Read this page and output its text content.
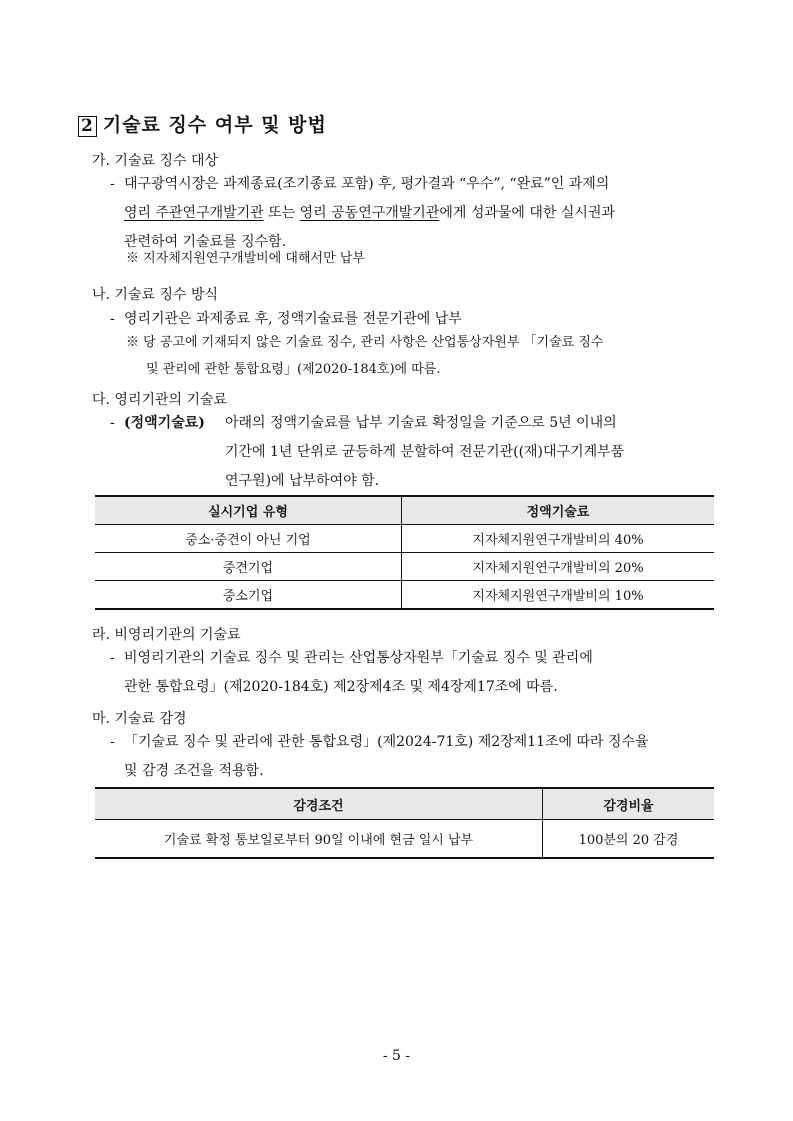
2 기술료 징수 여부 및 방법
가. 기술료 징수 대상
- 대구광역시장은 과제종료(조기종료 포함) 후, 평가결과 “우수”, “완료”인 과제의
영리 주관연구개발기관 또는 영리 공동연구개발기관에게 성과물에 대한 실시권과
관련하여 기술료를 징수함.
※ 지자체지원연구개발비에 대해서만 납부
나. 기술료 징수 방식
- 영리기관은 과제종료 후, 정액기술료를 전문기관에 납부
※ 당 공고에 기재되지 않은 기술료 징수, 관리 사항은 산업통상자원부 「기술료 징수
및 관리에 관한 통합요령」(제2020-184호)에 따름.
다. 영리기관의 기술료
- (정액기술료) 아래의 정액기술료를 납부 기술료 확정일을 기준으로 5년 이내의
기간에 1년 단위로 균등하게 분할하여 전문기관((재)대구기계부품
연구원)에 납부하여야 함.
실시기업 유형	정액기술료
중소·중견이 아닌 기업	지자체지원연구개발비의 40%
중견기업	지자체지원연구개발비의 20%
중소기업	지자체지원연구개발비의 10%
라. 비영리기관의 기술료
- 비영리기관의 기술료 징수 및 관리는 산업통상자원부「기술료 징수 및 관리에
관한 통합요령」(제2020-184호) 제2장제4조 및 제4장제17조에 따름.
마. 기술료 감경
- 「기술료 징수 및 관리에 관한 통합요령」(제2024-71호) 제2장제11조에 따라 징수율
및 감경 조건을 적용함.
감경조건	감경비율
기술료 확정 통보일로부터 90일 이내에 현금 일시 납부	100분의 20 감경
- 5 -
